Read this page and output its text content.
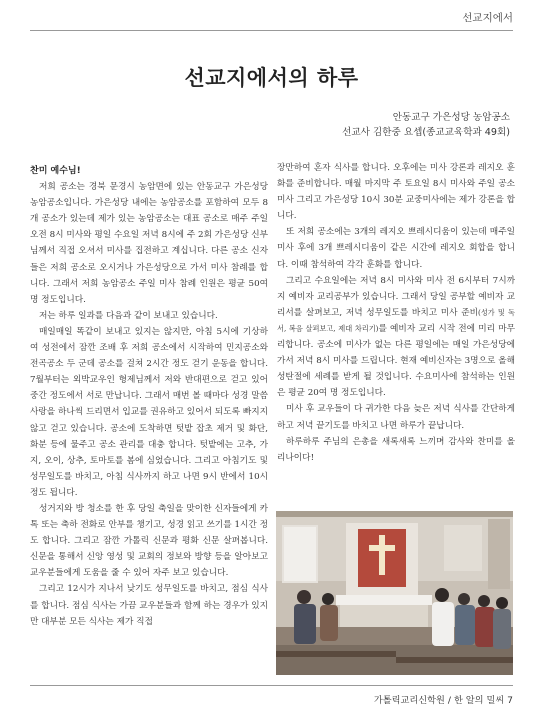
선교지에서
선교지에서의 하루
안동교구 가은성당 농암공소
선교사 김한중 요셉(종교교육학과 49회)

찬미 예수님!

저희 공소는 경북 문경시 농암면에 있는 안동교구 가은성당 농암공소입니다. 가은성당 내에는 농암공소를 포함하여 모두 8개 공소가 있는데 제가 있는 농암공소는 대표 공소로 매주 주일 오전 8시 미사와 평일 수요일 저녁 8시에 주 2회 가은성당 신부님께서 직접 오셔서 미사를 집전하고 계십니다. 다른 공소 신자들은 저희 공소로 오시거나 가은성당으로 가서 미사 참례를 합니다. 그래서 저희 농암공소 주일 미사 참례 인원은 평균 50여 명 정도입니다.

저는 하루 일과를 다음과 같이 보내고 있습니다.

매일매일 똑같이 보내고 있지는 않지만, 아침 5시에 기상하여 성전에서 잠깐 조배 후 저희 공소에서 시작하여 민지공소와 전곡공소 두 군데 공소를 걸쳐 2시간 정도 걷기 운동을 합니다. 7월부터는 외박교우인 형제님께서 저와 반대편으로 걷고 있어 중간 정도에서 서로 만납니다. 그래서 매번 볼 때마다 성경 말씀 사랑을 하나씩 드리면서 입교를 권유하고 있어서 되도록 빠지지 않고 걷고 있습니다. 공소에 도착하면 텃밭 잡초 제거 및 화단, 화분 등에 물주고 공소 관리를 대충 합니다. 텃밭에는 고추, 가지, 오이, 상추, 토마토를 봄에 심었습니다. 그리고 아침기도 및 성무일도를 바치고, 아침 식사까지 하고 나면 9시 반에서 10시 정도 됩니다.

성거지와 방 청소를 한 후 당일 축일을 맞이한 신자들에게 카톡 또는 축하 전화로 안부를 챙기고, 성경 읽고 쓰기를 1시간 정도 합니다. 그리고 잠깐 가톨릭 신문과 평화 신문 살펴봅니다. 신문을 통해서 신앙 영성 및 교회의 정보와 방향 등을 알아보고 교우분들에게 도움을 줄 수 있어 자주 보고 있습니다.

그리고 12시가 지나서 낮기도 성무일도를 바치고, 점심 식사를 합니다. 점심 식사는 가끔 교우분들과 함께 하는 경우가 있지만 대부분 모든 식사는 제가 직접

장만하여 혼자 식사를 합니다. 오후에는 미사 강론과 레지오 훈화를 준비합니다. 매월 마지막 주 토요일 8시 미사와 주일 공소미사 그리고 가은성당 10시 30분 교중미사에는 제가 강론을 합니다.

또 저희 공소에는 3개의 레지오 쁘레시디움이 있는데 매주일 미사 후에 3개 쁘레시디움이 같은 시간에 레지오 회합을 합니다. 이때 참석하여 각각 훈화를 합니다.

그리고 수요일에는 저녁 8시 미사와 미사 전 6시부터 7시까지 예비자 교리공부가 있습니다. 그래서 당일 공부할 예비자 교리서를 살펴보고, 저녁 성무일도를 바치고 미사 준비(성가 및 독서, 복음 살펴보고, 제대 차리기)를 예비자 교리 시작 전에 미리 마무리합니다. 공소에 미사가 없는 다른 평일에는 매일 가은성당에 가서 저녁 8시 미사를 드립니다. 현재 예비신자는 3명으로 올해 성탄절에 세례를 받게 될 것입니다. 수요미사에 참석하는 인원은 평균 20여 명 정도입니다.

미사 후 교우들이 다 귀가한 다음 늦은 저녁 식사를 간단하게 하고 저녁 끝기도를 바치고 나면 하루가 끝납니다.

하루하루 주님의 은총을 새록새록 느끼며 감사와 찬미를 올리나이다!

가톨릭교리신학원 / 한 알의 밀씨 7
